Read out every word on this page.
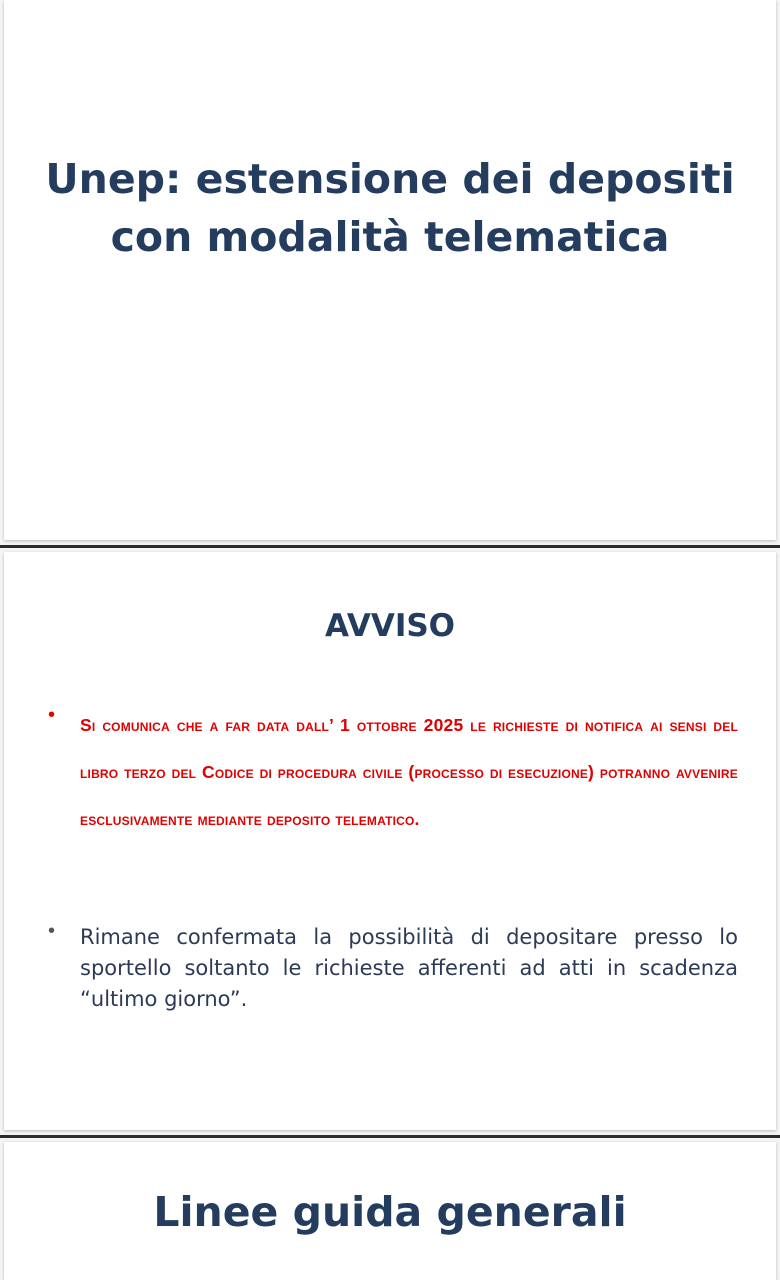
Unep: estensione dei depositi
con modalità telematica
AVVISO
• Si comunica che a far data dall’ 1 ottobre 2025 le richieste di notifica ai sensi del libro terzo del Codice di procedura civile (processo di esecuzione) potranno avvenire esclusivamente mediante deposito telematico.

• Rimane confermata la possibilità di depositare presso lo sportello soltanto le richieste afferenti ad atti in scadenza “ultimo giorno”.

Linee guida generali
